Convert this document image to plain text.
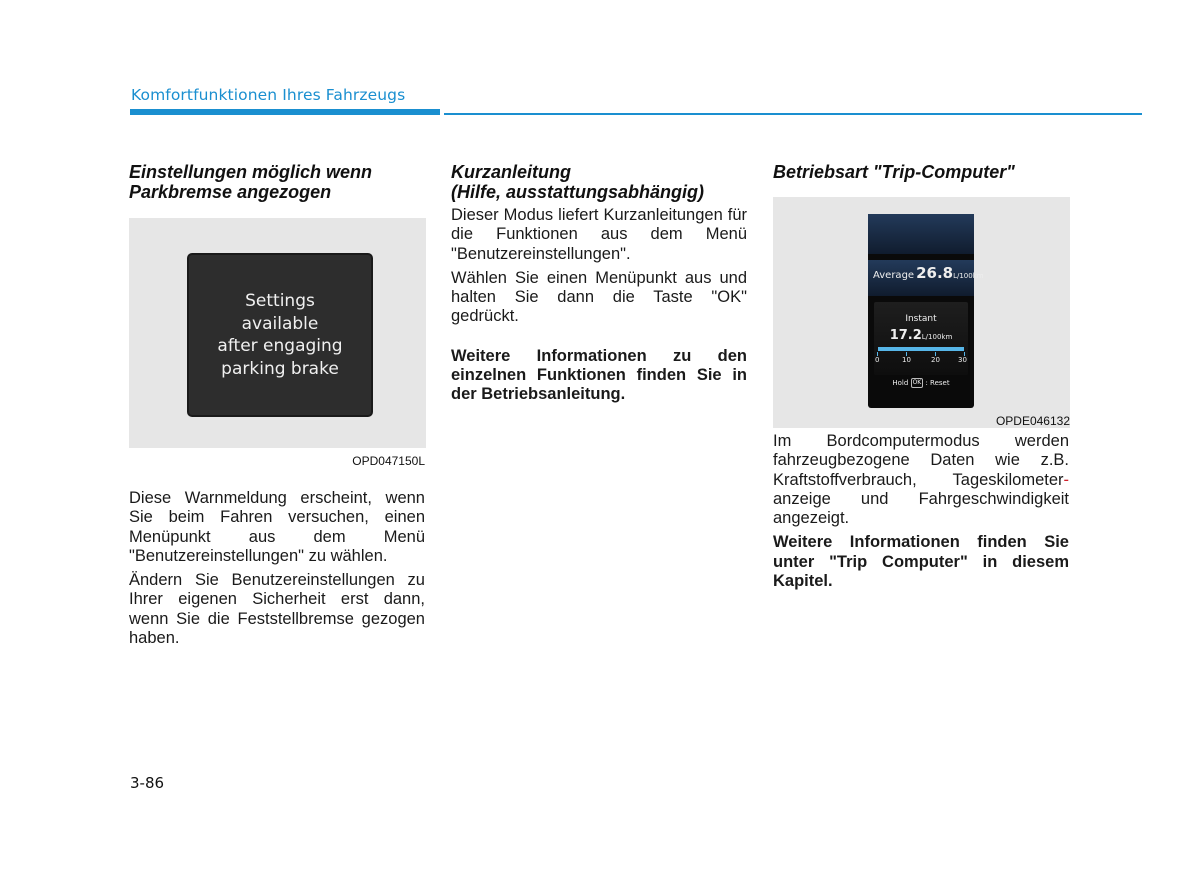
Komfortfunktionen Ihres Fahrzeugs
Einstellungen möglich wenn
Parkbremse angezogen
Settings
available
after engaging
parking brake
OPD047150L

Diese Warnmeldung erscheint, wenn Sie beim Fahren versuchen, einen Menüpunkt aus dem Menü "Benutzereinstellungen" zu wählen.

Ändern Sie Benutzereinstellungen zu Ihrer eigenen Sicherheit erst dann, wenn Sie die Feststellbremse gezogen haben.

Kurzanleitung
(Hilfe, ausstattungsabhängig)

Dieser Modus liefert Kurzanleitungen für die Funktionen aus dem Menü "Benutzereinstellungen".

Wählen Sie einen Menüpunkt aus und halten Sie dann die Taste "OK" gedrückt.

Weitere Informationen zu den einzelnen Funktionen finden Sie in der Betriebsanleitung.

Betriebsart "Trip-Computer"
Average 26.8L/100km
Instant
17.2L/100km
0	10	20	30
Hold OK : Reset
OPDE046132

Im Bordcomputermodus werden fahrzeugbezogene Daten wie z.B. Kraftstoffverbrauch, Tageskilometer- anzeige und Fahrgeschwindigkeit angezeigt.

Weitere Informationen finden Sie unter "Trip Computer" in diesem Kapitel.

3-86
